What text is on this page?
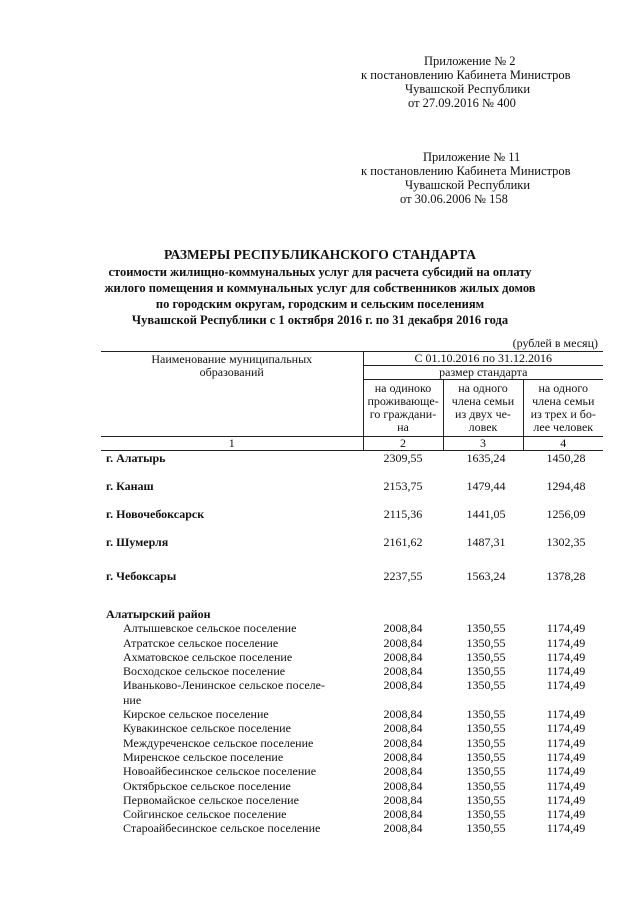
Приложение № 2
к постановлению Кабинета Министров
Чувашской Республики
от 27.09.2016 № 400
Приложение № 11
к постановлению Кабинета Министров
Чувашской Республики
от 30.06.2006 № 158
РАЗМЕРЫ РЕСПУБЛИКАНСКОГО СТАНДАРТА
стоимости жилищно-коммунальных услуг для расчета субсидий на оплату
жилого помещения и коммунальных услуг для собственников жилых домов
по городским округам, городским и сельским поселениям
Чувашской Республики с 1 октября 2016 г. по 31 декабря 2016 года
(рублей в месяц)
Наименование муниципальных образований	С 01.10.2016 по 31.12.2016		
	размер стандарта		
	на одиноко проживающе-го граждани-на	на одного члена семьи из двух че-ловек	на одного члена семьи из трех и бо-лее человек
1	2	3	4
г. Алатырь	2309,55	1635,24	1450,28
г. Канаш	2153,75	1479,44	1294,48
г. Новочебоксарск	2115,36	1441,05	1256,09
г. Шумерля	2161,62	1487,31	1302,35
г. Чебоксары	2237,55	1563,24	1378,28
Алатырский район			
Алтышевское сельское поселение	2008,84	1350,55	1174,49
Атратское сельское поселение	2008,84	1350,55	1174,49
Ахматовское сельское поселение	2008,84	1350,55	1174,49
Восходское сельское поселение	2008,84	1350,55	1174,49
Иваньково-Ленинское сельское поселе-
ние	2008,84	1350,55	1174,49
Кирское сельское поселение	2008,84	1350,55	1174,49
Кувакинское сельское поселение	2008,84	1350,55	1174,49
Междуреченское сельское поселение	2008,84	1350,55	1174,49
Миренское сельское поселение	2008,84	1350,55	1174,49
Новоайбесинское сельское поселение	2008,84	1350,55	1174,49
Октябрьское сельское поселение	2008,84	1350,55	1174,49
Первомайское сельское поселение	2008,84	1350,55	1174,49
Сойгинское сельское поселение	2008,84	1350,55	1174,49
Староайбесинское сельское поселение	2008,84	1350,55	1174,49
